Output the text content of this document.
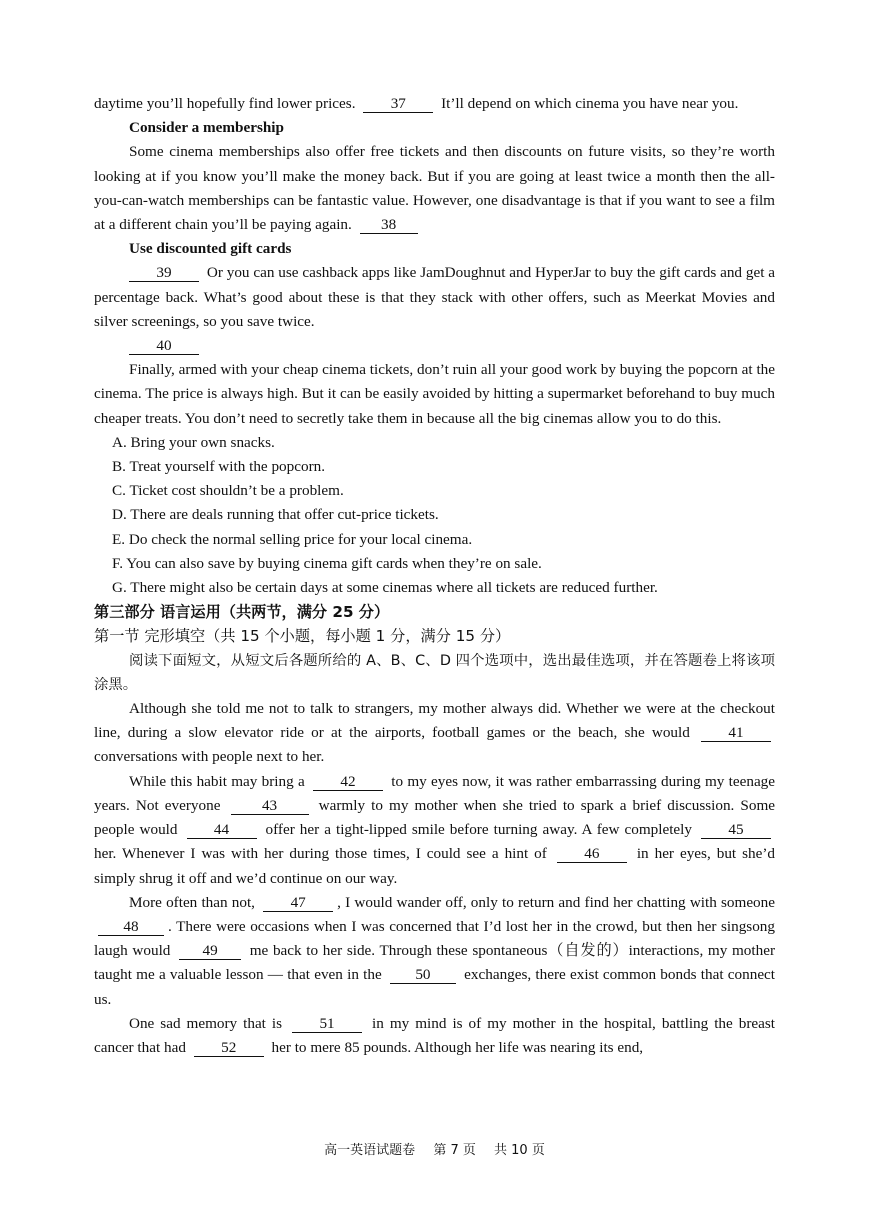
daytime you’ll hopefully find lower prices. 37 It’ll depend on which cinema you have near you.

Consider a membership

Some cinema memberships also offer free tickets and then discounts on future visits, so they’re worth looking at if you know you’ll make the money back. But if you are going at least twice a month then the all-you-can-watch memberships can be fantastic value. However, one disadvantage is that if you want to see a film at a different chain you’ll be paying again. 38

Use discounted gift cards

39 Or you can use cashback apps like JamDoughnut and HyperJar to buy the gift cards and get a percentage back. What’s good about these is that they stack with other offers, such as Meerkat Movies and silver screenings, so you save twice.

40

Finally, armed with your cheap cinema tickets, don’t ruin all your good work by buying the popcorn at the cinema. The price is always high. But it can be easily avoided by hitting a supermarket beforehand to buy much cheaper treats. You don’t need to secretly take them in because all the big cinemas allow you to do this.

A. Bring your own snacks.

B. Treat yourself with the popcorn.

C. Ticket cost shouldn’t be a problem.

D. There are deals running that offer cut-price tickets.

E. Do check the normal selling price for your local cinema.

F. You can also save by buying cinema gift cards when they’re on sale.

G. There might also be certain days at some cinemas where all tickets are reduced further.

第三部分 语言运用（共两节，满分 25 分）

第一节 完形填空（共 15 个小题，每小题 1 分，满分 15 分）

阅读下面短文，从短文后各题所给的 A、B、C、D 四个选项中，选出最佳选项，并在答题卷上将该项涂黑。

Although she told me not to talk to strangers, my mother always did. Whether we were at the checkout line, during a slow elevator ride or at the airports, football games or the beach, she would	41 conversations with people next to her.

While this habit may bring a 42 to my eyes now, it was rather embarrassing during my teenage years. Not everyone	43	warmly to my mother when she tried to spark a brief discussion. Some people would 44 offer her a tight-lipped smile before turning away. A few completely 45 her. Whenever I was with her during those times, I could see a hint of 46 in her eyes, but she’d simply shrug it off and we’d continue on our way.

More often than not, 47 , I would wander off, only to return and find her chatting with someone 48 . There were occasions when I was concerned that I’d lost her in the crowd, but then her singsong laugh would 49 me back to her side. Through these spontaneous（自发的）interactions, my mother taught me a valuable lesson — that even in the 50 exchanges, there exist common bonds that connect us.

One sad memory that is 51 in my mind is of my mother in the hospital, battling the breast cancer that had 52 her to mere 85 pounds. Although her life was nearing its end,

高一英语试题卷 第 7 页 共 10 页
